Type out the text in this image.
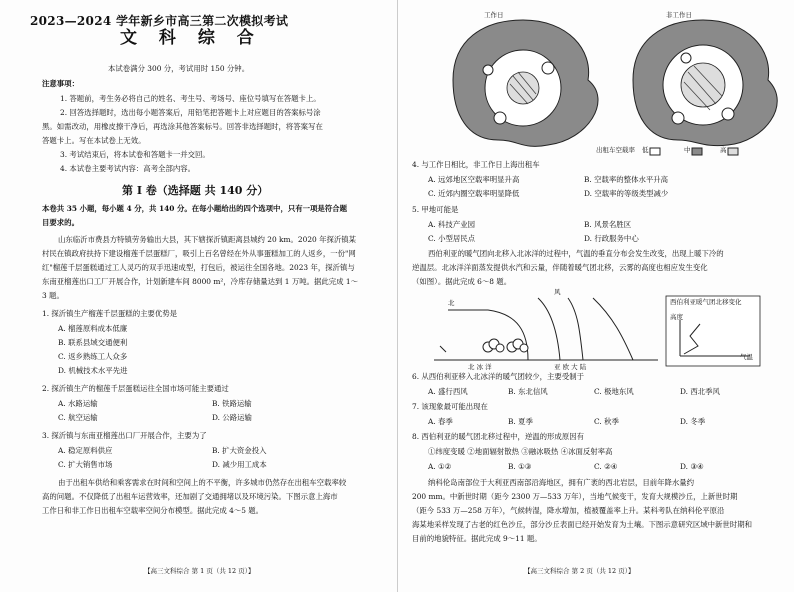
2023—2024 学年新乡市高三第二次模拟考试
文 科 综 合
本试卷满分 300 分，考试用时 150 分钟。
注意事项：
1. 答题前，考生务必将自己的姓名、考生号、考场号、座位号填写在答题卡上。
2. 回答选择题时，选出每小题答案后，用铅笔把答题卡上对应题目的答案标号涂
黑。如需改动，用橡皮擦干净后，再选涂其他答案标号。回答非选择题时，将答案写在
答题卡上。写在本试卷上无效。
3. 考试结束后，将本试卷和答题卡一并交回。
4. 本试卷主要考试内容：高考全部内容。
第 Ⅰ 卷（选择题 共 140 分）
本卷共 35 小题，每小题 4 分，共 140 分。在每小题给出的四个选项中，只有一项是符合题
目要求的。
山东临沂市费县方特镇劳务输出大县，其下辖探沂镇距离县城约 20 km。2020 年探沂镇某
村民在镇政府扶持下建设榴莲千层蛋糕厂，吸引上百名曾经在外从事蛋糕加工的人返乡，一份"网
红"榴莲千层蛋糕通过工人灵巧的双手迅速成型，打包后，被运往全国各地。2023 年，探沂镇与
东南亚榴莲出口工厂开展合作，计划新建车间 8000 m²，冷库存储量达到 1 万吨。据此完成 1～
3 题。
1. 探沂镇生产榴莲千层蛋糕的主要优势是
A. 榴莲原料成本低廉
B. 联系县域交通便利
C. 返乡熟练工人众多
D. 机械技术水平先进
2. 探沂镇生产的榴莲千层蛋糕运往全国市场可能主要通过
A. 水路运输	B. 铁路运输
C. 航空运输	D. 公路运输
3. 探沂镇与东南亚榴莲出口厂开展合作，主要为了
A. 稳定原料供应	B. 扩大资金投入
C. 扩大销售市场	D. 减少用工成本
由于出租车供给和乘客需求在时间和空间上的不平衡，许多城市仍然存在出租车空载率较
高的问题。不仅降低了出租车运营效率，还加剧了交通拥堵以及环境污染。下图示意上海市
工作日和非工作日出租车空载率空间分布模型。据此完成 4～5 题。
【高三文科综合 第 1 页（共 12 页）】
工作日	非工作日
出租车空载率 低	中	高
4. 与工作日相比，非工作日上海出租车
A. 远郊地区空载率明显升高	B. 空载率的整体水平升高
C. 近郊内圈空载率明显降低	D. 空载率的等级类型减少
5. 甲地可能是
A. 科技产业园	B. 风景名胜区
C. 小型居民点	D. 行政服务中心
西伯利亚的暖气团向北移入北冰洋的过程中，气温的垂直分布会发生改变，出现上暖下冷的
逆温层。北冰洋洋面蒸发提供水汽和云量，伴随着暖气团北移，云雾的高度也相应发生变化
（如图）。据此完成 6～8 题。
北
风
北 冰 洋	亚 欧 大 陆
西伯利亚暖气团北移变化
高度
气温
6. 从西伯利亚移入北冰洋的暖气团较少，主要受制于
A. 盛行西风	B. 东北信风	C. 极地东风	D. 西北季风
7. 该现象最可能出现在
A. 春季	B. 夏季	C. 秋季	D. 冬季
8. 西伯利亚的暖气团北移过程中，逆温的形成原因有
①纬度变暖 ②地面辐射散热 ③融冰吸热 ④冰面反射率高
A. ①②	B. ①③	C. ②④	D. ③④
纳科伦岛南部位于大利亚西南部沿海地区，拥有广袤的西北岩层，目前年降水量约
200 mm。中新世时期（距今 2300 万—533 万年），当地气候变干，发育大规模沙丘，上新世时期
（距今 533 万—258 万年），气候转湿，降水增加，植被覆盖率上升。某科考队在纳科伦平原沿
海某地采样发现了古老的红色沙丘，部分沙丘表面已经开始发育为土壤。下图示意研究区域中新世时期和
目前的地貌特征。据此完成 9～11 题。
【高三文科综合 第 2 页（共 12 页）】
